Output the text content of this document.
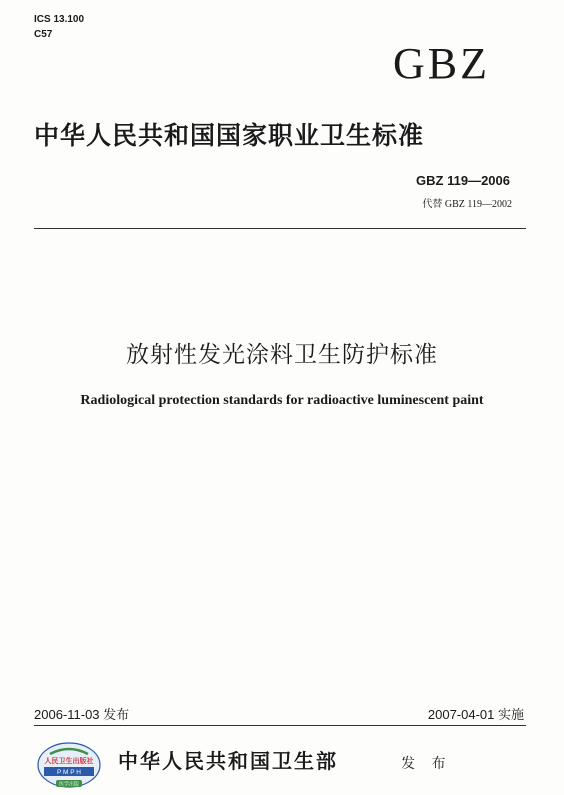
ICS 13.100
C57
GBZ
中华人民共和国国家职业卫生标准
GBZ 119—2006
代替 GBZ 119—2002
放射性发光涂料卫生防护标准
Radiological protection standards for radioactive luminescent paint
2006-11-03 发布	2007-04-01 实施
人民卫生出版社
P M P H
医学出版
中华人民共和国卫生部	发 布
